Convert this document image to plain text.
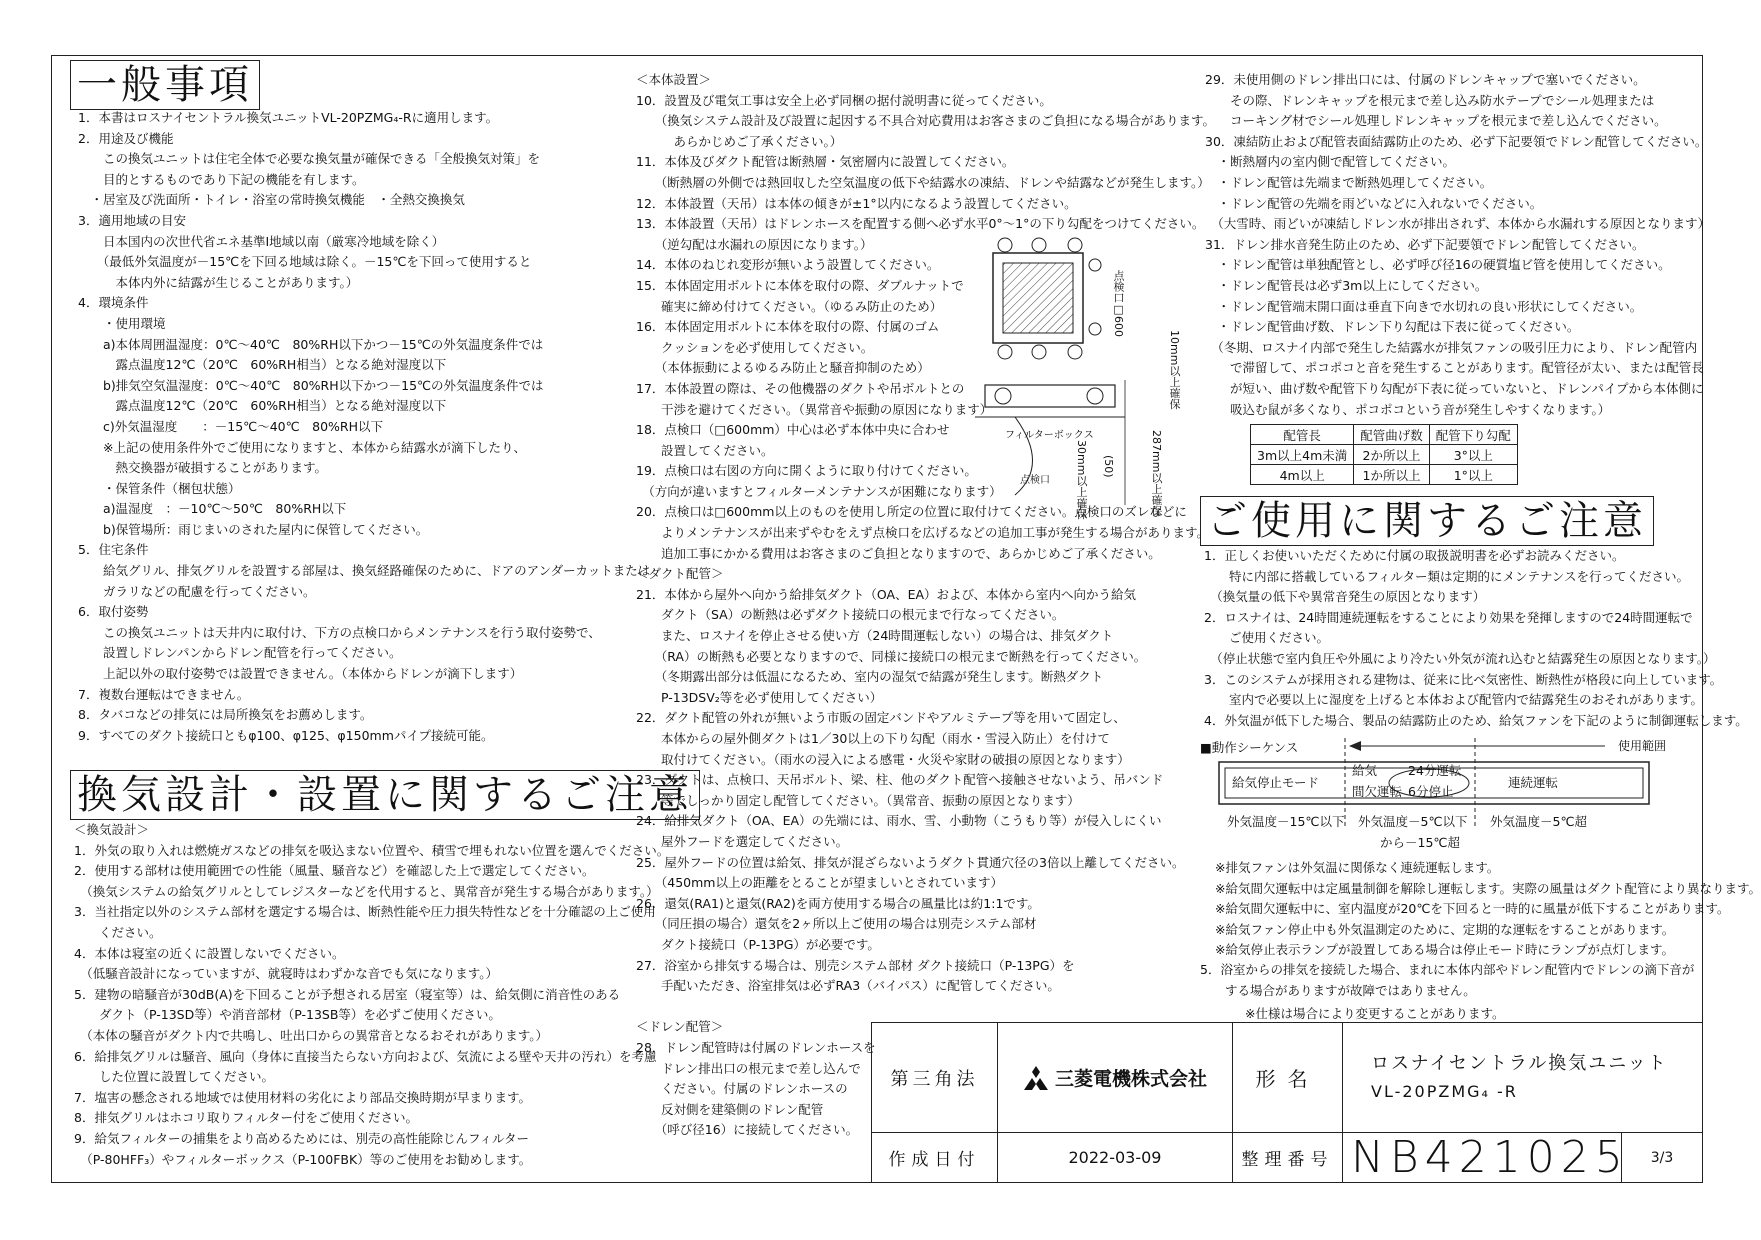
一般事項
1．本書はロスナイセントラル換気ユニットVL-20PZMG₄-Rに適用します。
2．用途及び機能
　　この換気ユニットは住宅全体で必要な換気量が確保できる「全般換気対策」を
　　目的とするものであり下記の機能を有します。
　・居室及び洗面所・トイレ・浴室の常時換気機能　・全熱交換換気
3．適用地域の目安
　　日本国内の次世代省エネ基準Ⅰ地域以南（厳寒冷地域を除く）
　　（最低外気温度が－15℃を下回る地域は除く。－15℃を下回って使用すると
　　　本体内外に結露が生じることがあります。）
4．環境条件
　　・使用環境
　　a)本体周囲温湿度：0℃～40℃　80%RH以下かつ－15℃の外気温度条件では
　　　露点温度12℃（20℃　60%RH相当）となる絶対湿度以下
　　b)排気空気温湿度：0℃～40℃　80%RH以下かつ－15℃の外気温度条件では
　　　露点温度12℃（20℃　60%RH相当）となる絶対湿度以下
　　c)外気温湿度　　：－15℃～40℃　80%RH以下
　　※上記の使用条件外でご使用になりますと、本体から結露水が滴下したり、
　　　熱交換器が破損することがあります。
　　・保管条件（梱包状態）
　　a)温湿度　：－10℃～50℃　80%RH以下
　　b)保管場所：雨じまいのされた屋内に保管してください。
5．住宅条件
　　給気グリル、排気グリルを設置する部屋は、換気経路確保のために、ドアのアンダーカットまたは
　　ガラリなどの配慮を行ってください。
6．取付姿勢
　　この換気ユニットは天井内に取付け、下方の点検口からメンテナンスを行う取付姿勢で、
　　設置しドレンパンからドレン配管を行ってください。
　　上記以外の取付姿勢では設置できません。（本体からドレンが滴下します）
7．複数台運転はできません。
8．タバコなどの排気には局所換気をお薦めします。
9．すべてのダクト接続口ともφ100、φ125、φ150mmパイプ接続可能。
換気設計・設置に関するご注意
＜換気設計＞
1．外気の取り入れは燃焼ガスなどの排気を吸込まない位置や、積雪で埋もれない位置を選んでください。
2．使用する部材は使用範囲での性能（風量、騒音など）を確認した上で選定してください。
　（換気システムの給気グリルとしてレジスターなどを代用すると、異常音が発生する場合があります。）
3．当社指定以外のシステム部材を選定する場合は、断熱性能や圧力損失特性などを十分確認の上ご使用
　　ください。
4．本体は寝室の近くに設置しないでください。
　（低騒音設計になっていますが、就寝時はわずかな音でも気になります。）
5．建物の暗騒音が30dB(A)を下回ることが予想される居室（寝室等）は、給気側に消音性のある
　　ダクト（P-13SD等）や消音部材（P-13SB等）を必ずご使用ください。
　（本体の騒音がダクト内で共鳴し、吐出口からの異常音となるおそれがあります。）
6．給排気グリルは騒音、風向（身体に直接当たらない方向および、気流による壁や天井の汚れ）を考慮
　　した位置に設置してください。
7．塩害の懸念される地域では使用材料の劣化により部品交換時期が早まります。
8．排気グリルはホコリ取りフィルター付をご使用ください。
9．給気フィルターの捕集をより高めるためには、別売の高性能除じんフィルター
　（P-80HFF₃）やフィルターボックス（P-100FBK）等のご使用をお勧めします。
＜本体設置＞
10．設置及び電気工事は安全上必ず同梱の据付説明書に従ってください。
　　（換気システム設計及び設置に起因する不具合対応費用はお客さまのご負担になる場合があります。
　　　あらかじめご了承ください。）
11．本体及びダクト配管は断熱層・気密層内に設置してください。
　　（断熱層の外側では熱回収した空気温度の低下や結露水の凍結、ドレンや結露などが発生します。）
12．本体設置（天吊）は本体の傾きが±1°以内になるよう設置してください。
13．本体設置（天吊）はドレンホースを配置する側へ必ず水平0°～1°の下り勾配をつけてください。
　　（逆勾配は水漏れの原因になります。）
14．本体のねじれ変形が無いよう設置してください。
15．本体固定用ボルトに本体を取付の際、ダブルナットで
　　確実に締め付けてください。（ゆるみ防止のため）
16．本体固定用ボルトに本体を取付の際、付属のゴム
　　クッションを必ず使用してください。
　　（本体振動によるゆるみ防止と騒音抑制のため）
17．本体設置の際は、その他機器のダクトや吊ボルトとの
　　干渉を避けてください。（異常音や振動の原因になります）
18．点検口（□600mm）中心は必ず本体中央に合わせ
　　設置してください。
19．点検口は右図の方向に開くように取り付けてください。
　（方向が違いますとフィルターメンテナンスが困難になります）
20．点検口は□600mm以上のものを使用し所定の位置に取付けてください。点検口のズレなどに
　　よりメンテナンスが出来ずやむをえず点検口を広げるなどの追加工事が発生する場合があります。
　　追加工事にかかる費用はお客さまのご負担となりますので、あらかじめご了承ください。
＜ダクト配管＞
21．本体から屋外へ向かう給排気ダクト（OA、EA）および、本体から室内へ向かう給気
　　ダクト（SA）の断熱は必ずダクト接続口の根元まで行なってください。
　　また、ロスナイを停止させる使い方（24時間運転しない）の場合は、排気ダクト
　　（RA）の断熱も必要となりますので、同様に接続口の根元まで断熱を行ってください。
　　（冬期露出部分は低温になるため、室内の湿気で結露が発生します。断熱ダクト
　　P-13DSV₂等を必ず使用してください）
22．ダクト配管の外れが無いよう市販の固定バンドやアルミテープ等を用いて固定し、
　　本体からの屋外側ダクトは1／30以上の下り勾配（雨水・雪浸入防止）を付けて
　　取付けてください。（雨水の浸入による感電・火災や家財の破損の原因となります）
23．ダクトは、点検口、天吊ボルト、梁、柱、他のダクト配管へ接触させないよう、吊バンド
　　等でしっかり固定し配管してください。（異常音、振動の原因となります）
24．給排気ダクト（OA、EA）の先端には、雨水、雪、小動物（こうもり等）が侵入しにくい
　　屋外フードを選定してください。
25．屋外フードの位置は給気、排気が混ざらないようダクト貫通穴径の3倍以上離してください。
　　（450mm以上の距離をとることが望ましいとされています）
26．還気(RA1)と還気(RA2)を両方使用する場合の風量比は約1:1です。
　　（同圧損の場合）還気を2ヶ所以上ご使用の場合は別売システム部材
　　ダクト接続口（P-13PG）が必要です。
27．浴室から排気する場合は、別売システム部材 ダクト接続口（P-13PG）を
　　手配いただき、浴室排気は必ずRA3（バイパス）に配管してください。
＜ドレン配管＞
28．ドレン配管時は付属のドレンホースを
　　ドレン排出口の根元まで差し込んで
　　ください。付属のドレンホースの
　　反対側を建築側のドレン配管
　　（呼び径16）に接続してください。
点検口□600
10mm以上確保
フィルターボックス
点検口 30mm以上確保 (50)	287mm以上確保
29．未使用側のドレン排出口には、付属のドレンキャップで塞いでください。
　　その際、ドレンキャップを根元まで差し込み防水テープでシール処理または
　　コーキング材でシール処理しドレンキャップを根元まで差し込んでください。
30．凍結防止および配管表面結露防止のため、必ず下記要領でドレン配管してください。
　・断熱層内の室内側で配管してください。
　・ドレン配管は先端まで断熱処理してください。
　・ドレン配管の先端を雨どいなどに入れないでください。
　（大雪時、雨どいが凍結しドレン水が排出されず、本体から水漏れする原因となります）
31．ドレン排水音発生防止のため、必ず下記要領でドレン配管してください。
　・ドレン配管は単独配管とし、必ず呼び径16の硬質塩ビ管を使用してください。
　・ドレン配管長は必ず3m以上にしてください。
　・ドレン配管端末開口面は垂直下向きで水切れの良い形状にしてください。
　・ドレン配管曲げ数、ドレン下り勾配は下表に従ってください。
　（冬期、ロスナイ内部で発生した結露水が排気ファンの吸引圧力により、ドレン配管内
　　で滞留して、ポコポコと音を発生することがあります。配管径が太い、または配管長
　　が短い、曲げ数や配管下り勾配が下表に従っていないと、ドレンパイプから本体側に
　　吸込む鼠が多くなり、ポコポコという音が発生しやすくなります。）
配管長	配管曲げ数	配管下り勾配
3m以上4m未満	2か所以上	3°以上
4m以上	1か所以上	1°以上
ご使用に関するご注意
1．正しくお使いいただくために付属の取扱説明書を必ずお読みください。
　　特に内部に搭載しているフィルター類は定期的にメンテナンスを行ってください。
　（換気量の低下や異常音発生の原因となります）
2．ロスナイは、24時間連続運転をすることにより効果を発揮しますので24時間運転で
　　ご使用ください。
　（停止状態で室内負圧や外風により冷たい外気が流れ込むと結露発生の原因となります。）
3．このシステムが採用される建物は、従来に比べ気密性、断熱性が格段に向上しています。
　　室内で必要以上に湿度を上げると本体および配管内で結露発生のおそれがあります。
4．外気温が低下した場合、製品の結露防止のため、給気ファンを下記のように制御運転します。
■動作シーケンス	使用範囲
給気停止モード
給気
間欠運転
24分運転
6分停止
連続運転
外気温度－15℃以下 外気温度－5℃以下
から－15℃超
外気温度－5℃超
※排気ファンは外気温に関係なく連続運転します。
※給気間欠運転中は定風量制御を解除し運転します。実際の風量はダクト配管により異なります。
※給気間欠運転中に、室内温度が20℃を下回ると一時的に風量が低下することがあります。
※給気ファン停止中も外気温測定のために、定期的な運転をすることがあります。
※給気停止表示ランプが設置してある場合は停止モード時にランプが点灯します。
5．浴室からの排気を接続した場合、まれに本体内部やドレン配管内でドレンの滴下音が
　　する場合がありますが故障ではありません。
※仕様は場合により変更することがあります。
第三角法	三菱電機株式会社	形名
ロスナイセントラル換気ユニット
VL-20PZMG₄ -R
作成日付	2022-03-09	整理番号 NB421025	3/3
